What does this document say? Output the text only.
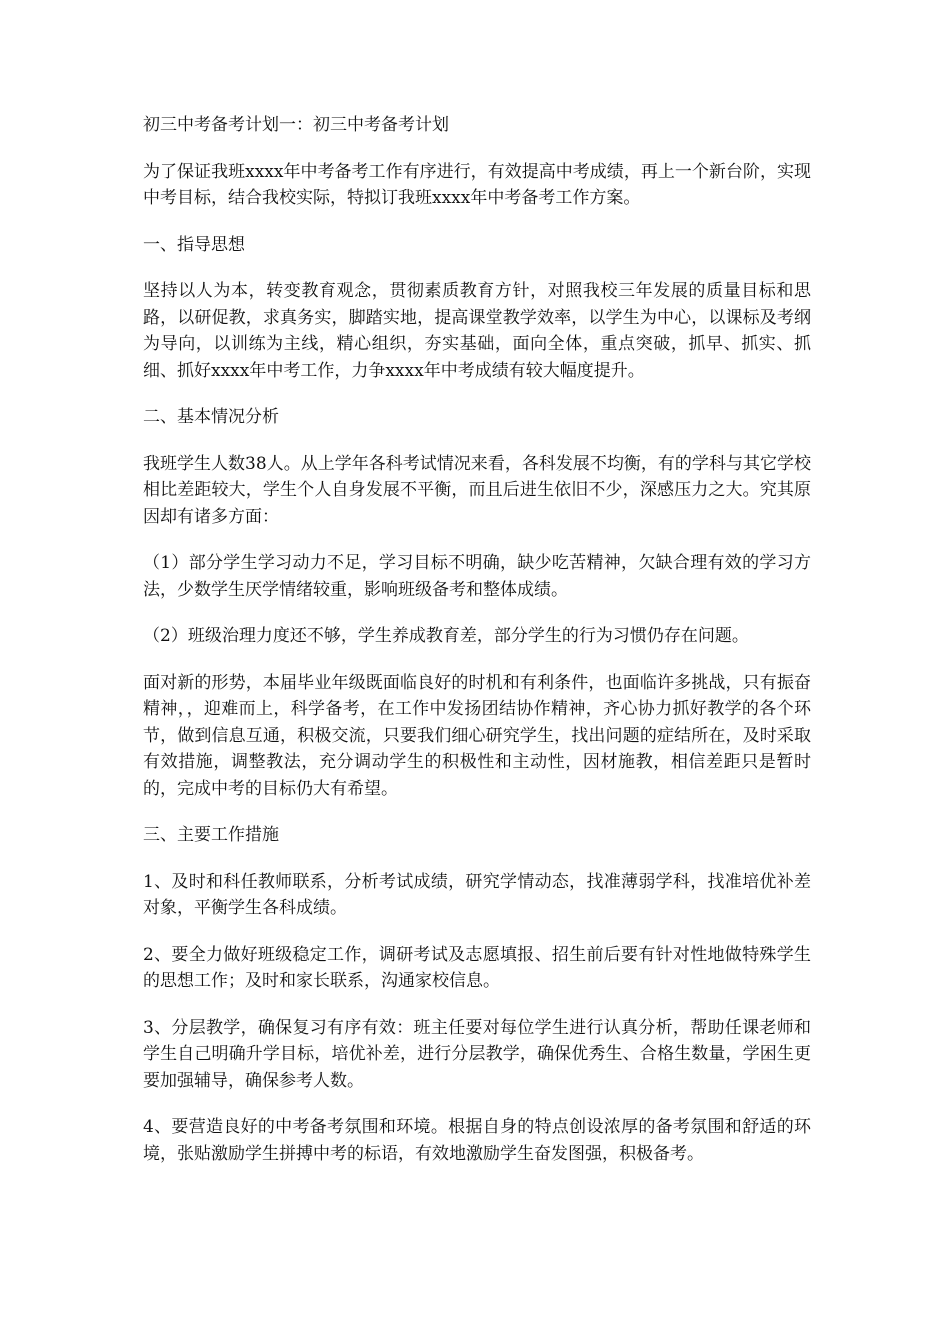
初三中考备考计划一：初三中考备考计划

为了保证我班xxxx年中考备考工作有序进行，有效提高中考成绩，再上一个新台阶，实现中考目标，结合我校实际，特拟订我班xxxx年中考备考工作方案。

一、指导思想

坚持以人为本，转变教育观念，贯彻素质教育方针，对照我校三年发展的质量目标和思路，以研促教，求真务实，脚踏实地，提高课堂教学效率，以学生为中心，以课标及考纲为导向，以训练为主线，精心组织，夯实基础，面向全体，重点突破，抓早、抓实、抓细、抓好xxxx年中考工作，力争xxxx年中考成绩有较大幅度提升。

二、基本情况分析

我班学生人数38人。从上学年各科考试情况来看，各科发展不均衡，有的学科与其它学校相比差距较大，学生个人自身发展不平衡，而且后进生依旧不少，深感压力之大。究其原因却有诸多方面：

（1）部分学生学习动力不足，学习目标不明确，缺少吃苦精神，欠缺合理有效的学习方法，少数学生厌学情绪较重，影响班级备考和整体成绩。

（2）班级治理力度还不够，学生养成教育差，部分学生的行为习惯仍存在问题。

面对新的形势，本届毕业年级既面临良好的时机和有利条件，也面临许多挑战，只有振奋精神，，迎难而上，科学备考，在工作中发扬团结协作精神，齐心协力抓好教学的各个环节，做到信息互通，积极交流，只要我们细心研究学生，找出问题的症结所在，及时采取有效措施，调整教法，充分调动学生的积极性和主动性，因材施教，相信差距只是暂时的，完成中考的目标仍大有希望。

三、主要工作措施

1、及时和科任教师联系，分析考试成绩，研究学情动态，找准薄弱学科，找准培优补差对象，平衡学生各科成绩。

2、要全力做好班级稳定工作，调研考试及志愿填报、招生前后要有针对性地做特殊学生的思想工作；及时和家长联系，沟通家校信息。

3、分层教学，确保复习有序有效：班主任要对每位学生进行认真分析，帮助任课老师和学生自己明确升学目标，培优补差，进行分层教学，确保优秀生、合格生数量，学困生更要加强辅导，确保参考人数。

4、要营造良好的中考备考氛围和环境。根据自身的特点创设浓厚的备考氛围和舒适的环境，张贴激励学生拼搏中考的标语，有效地激励学生奋发图强，积极备考。
